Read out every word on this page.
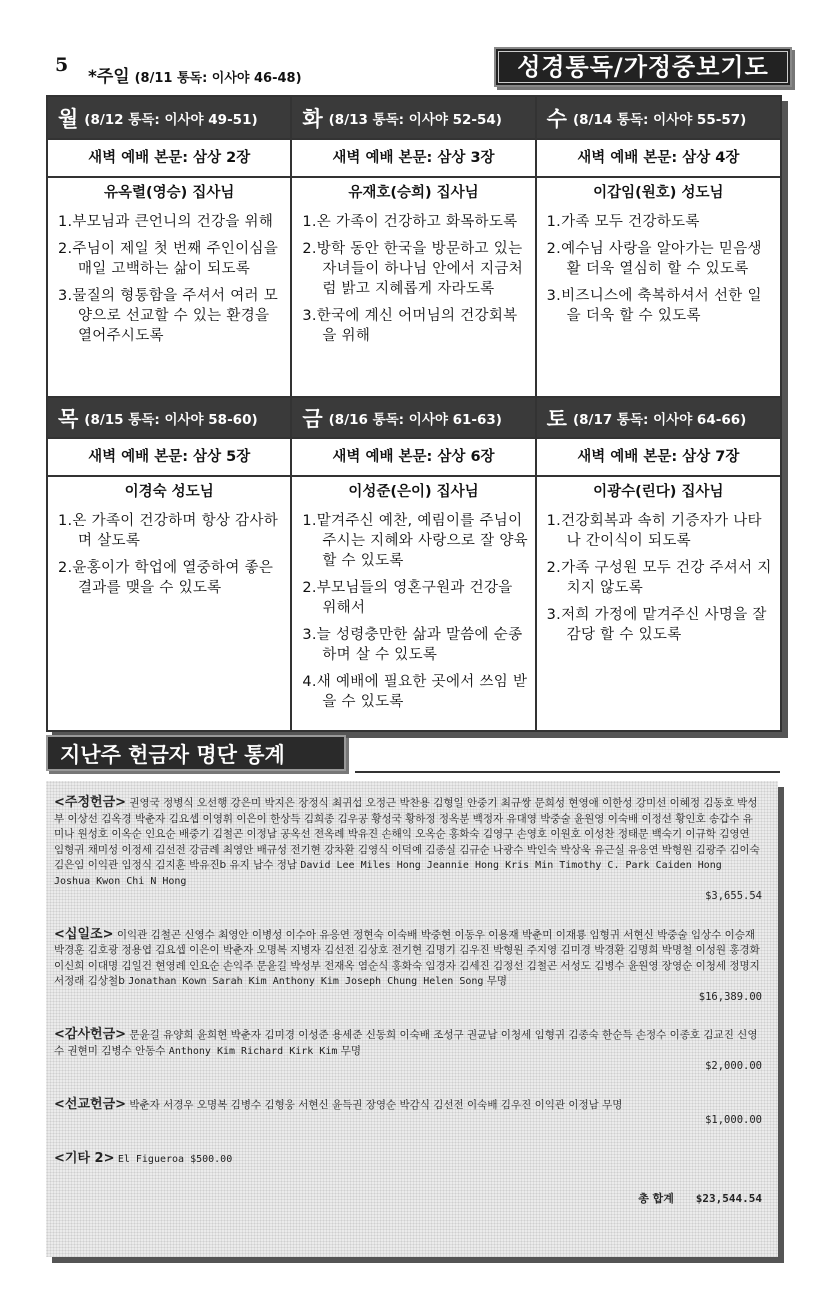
5
*주일 (8/11 통독: 이사야 46-48)	성경통독/가정중보기도
월 (8/12 통독: 이사야 49-51)
새벽 예배 본문: 삼상 2장
유옥렬(영승) 집사님
1.부모님과 큰언니의 건강을 위해
2.주님이 제일 첫 번째 주인이심을 매일 고백하는 삶이 되도록
3.물질의 형통함을 주셔서 여러 모양으로 선교할 수 있는 환경을 열어주시도록
화 (8/13 통독: 이사야 52-54)
새벽 예배 본문: 삼상 3장
유재호(승희) 집사님
1.온 가족이 건강하고 화목하도록
2.방학 동안 한국을 방문하고 있는 자녀들이 하나님 안에서 지금처럼 밝고 지혜롭게 자라도록
3.한국에 계신 어머님의 건강회복을 위해
수 (8/14 통독: 이사야 55-57)
새벽 예배 본문: 삼상 4장
이갑임(원호) 성도님
1.가족 모두 건강하도록
2.예수님 사랑을 알아가는 믿음생활 더욱 열심히 할 수 있도록
3.비즈니스에 축복하셔서 선한 일을 더욱 할 수 있도록
목 (8/15 통독: 이사야 58-60)
새벽 예배 본문: 삼상 5장
이경숙 성도님
1.온 가족이 건강하며 항상 감사하며 살도록
2.윤홍이가 학업에 열중하여 좋은 결과를 맺을 수 있도록
금 (8/16 통독: 이사야 61-63)
새벽 예배 본문: 삼상 6장
이성준(은이) 집사님
1.맡겨주신 예찬, 예림이를 주님이 주시는 지혜와 사랑으로 잘 양육할 수 있도록
2.부모님들의 영혼구원과 건강을 위해서
3.늘 성령충만한 삶과 말씀에 순종하며 살 수 있도록
4.새 예배에 필요한 곳에서 쓰임 받을 수 있도록
토 (8/17 통독: 이사야 64-66)
새벽 예배 본문: 삼상 7장
이광수(린다) 집사님
1.건강회복과 속히 기증자가 나타나 간이식이 되도록
2.가족 구성원 모두 건강 주셔서 지치지 않도록
3.저희 가정에 맡겨주신 사명을 잘 감당 할 수 있도록
지난주 헌금자 명단 통계
<주정헌금> 권영국 정병식 오선행 강은미 박지은 장정식 최귀섭 오정근 박찬용 김형일 안중기 최규쌍 문희성 현영애 이한성 강미선 이혜정 김동호 박성부 이상선 김옥경 박춘자 김요셉 이영휘 이은이 한상득 김희종 김우공 황성국 황하정 정옥분 백정자 유대영 박중술 윤원영 이숙배 이정선 황인호 송갑수 유미나 원성호 이옥순 인요순 배중기 김철곤 이정남 공옥선 전옥례 박유진 손해익 오옥순 홍화숙 김영구 손영호 이원호 이성찬 정태문 백숙기 이규학 김영연 임형귀 채미성 이정세 김선전 강금례 최영안 배규성 전기현 강차환 김영식 이덕예 김종실 김규순 나광수 박인숙 박상욱 유근실 유응연 박형원 김광주 김이숙 김은임 이익관 임정식 김지훈 박유진b 유지 남수 정남 David Lee Miles Hong Jeannie Hong Kris Min Timothy C. Park Caiden Hong Joshua Kwon Chi N Hong
$3,655.54
<십일조> 이익관 김철곤 신영수 최영안 이병성 이수아 유응연 정현숙 이숙배 박중현 이동우 이용재 박춘미 이재룡 임형귀 서현신 박중술 임상수 이승재 박경훈 김호광 정용엽 김요셉 이은이 박춘자 오명복 지병자 김선전 김상호 전기현 김명기 김우진 박형원 주지영 김미경 박경환 김명희 박명철 이성원 홍경화 이신희 이대명 김일건 현영례 인요순 손익주 문윤길 박성부 전재옥 염순식 홍화숙 임경자 김세진 김정선 김철곤 서성도 김병수 윤원영 장영순 이청세 정명지 서정래 김상철b Jonathan Kown Sarah Kim Anthony Kim Joseph Chung Helen Song 무명
$16,389.00
<감사헌금> 문윤길 유양희 윤희현 박춘자 김미경 이성준 용세준 신동희 이숙배 조성구 권균남 이청세 임형귀 김종숙 한순득 손정수 이종호 김교진 신영수 권현미 김병수 안동수 Anthony Kim Richard Kirk Kim 무명
$2,000.00
<선교헌금> 박춘자 서경우 오명복 김병수 김형웅 서현신 윤득권 장영순 박감식 김선전 이숙배 김우진 이익관 이정남 무명
$1,000.00
<기타 2> El Figueroa $500.00
총 합계 $23,544.54
